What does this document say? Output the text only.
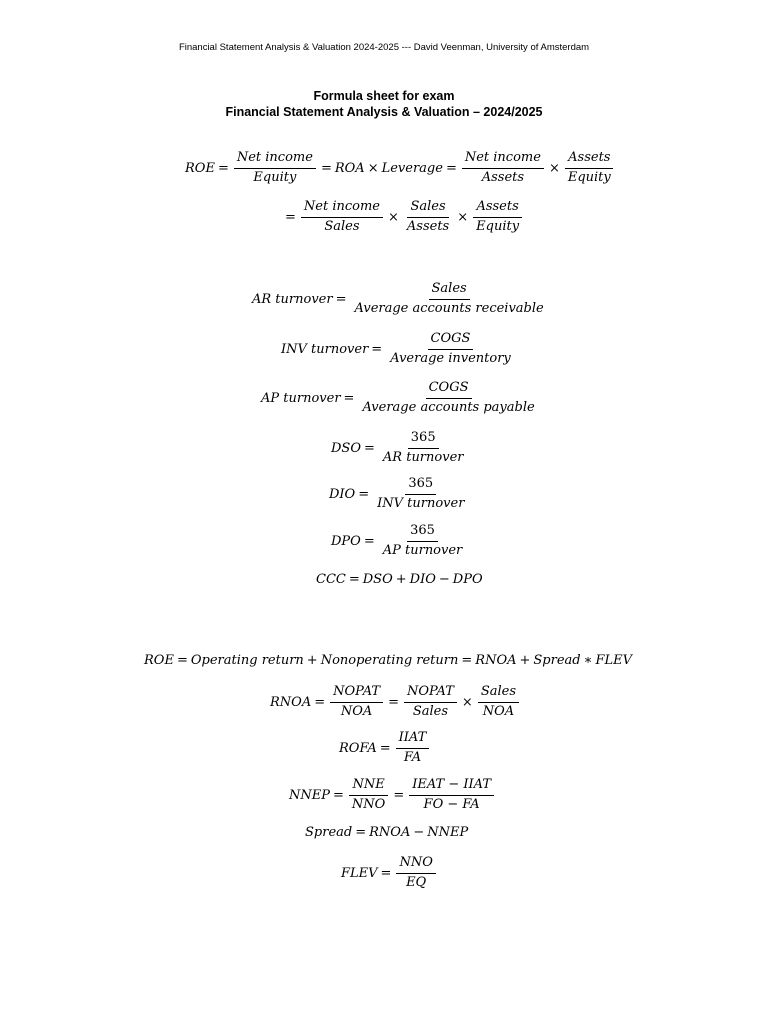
Financial Statement Analysis & Valuation 2024-2025 --- David Veenman, University of Amsterdam
Formula sheet for exam
Financial Statement Analysis & Valuation – 2024/2025
ROE = $\frac{\text{Net income}}{\text{Equity}}$ = ROA × Leverage = $\frac{\text{Net income}}{\text{Assets}} \times \frac{\text{Assets}}{\text{Equity}}$
= $\frac{\text{Net income}}{\text{Sales}} \times \frac{\text{Sales}}{\text{Assets}} \times \frac{\text{Assets}}{\text{Equity}}$
AR turnover = $\frac{\text{Sales}}{\text{Average accounts receivable}}$
INV turnover = $\frac{\text{COGS}}{\text{Average inventory}}$
AP turnover = $\frac{\text{COGS}}{\text{Average accounts payable}}$
DSO = $\frac{365}{\text{AR turnover}}$
DIO = $\frac{365}{\text{INV turnover}}$
DPO = $\frac{365}{\text{AP turnover}}$
CCC = DSO + DIO − DPO
ROE = Operating return + Nonoperating return = RNOA + Spread ∗ FLEV
RNOA = $\frac{\text{NOPAT}}{\text{NOA}} = \frac{\text{NOPAT}}{\text{Sales}} \times \frac{\text{Sales}}{\text{NOA}}$
ROFA = $\frac{\text{IIAT}}{FA}$
NNEP = $\frac{\text{NNE}}{\text{NNO}} = \frac{\text{IEAT − IIAT}}{FO - FA}$
Spread = RNOA − NNEP
FLEV = $\frac{\text{NNO}}{EQ}$
